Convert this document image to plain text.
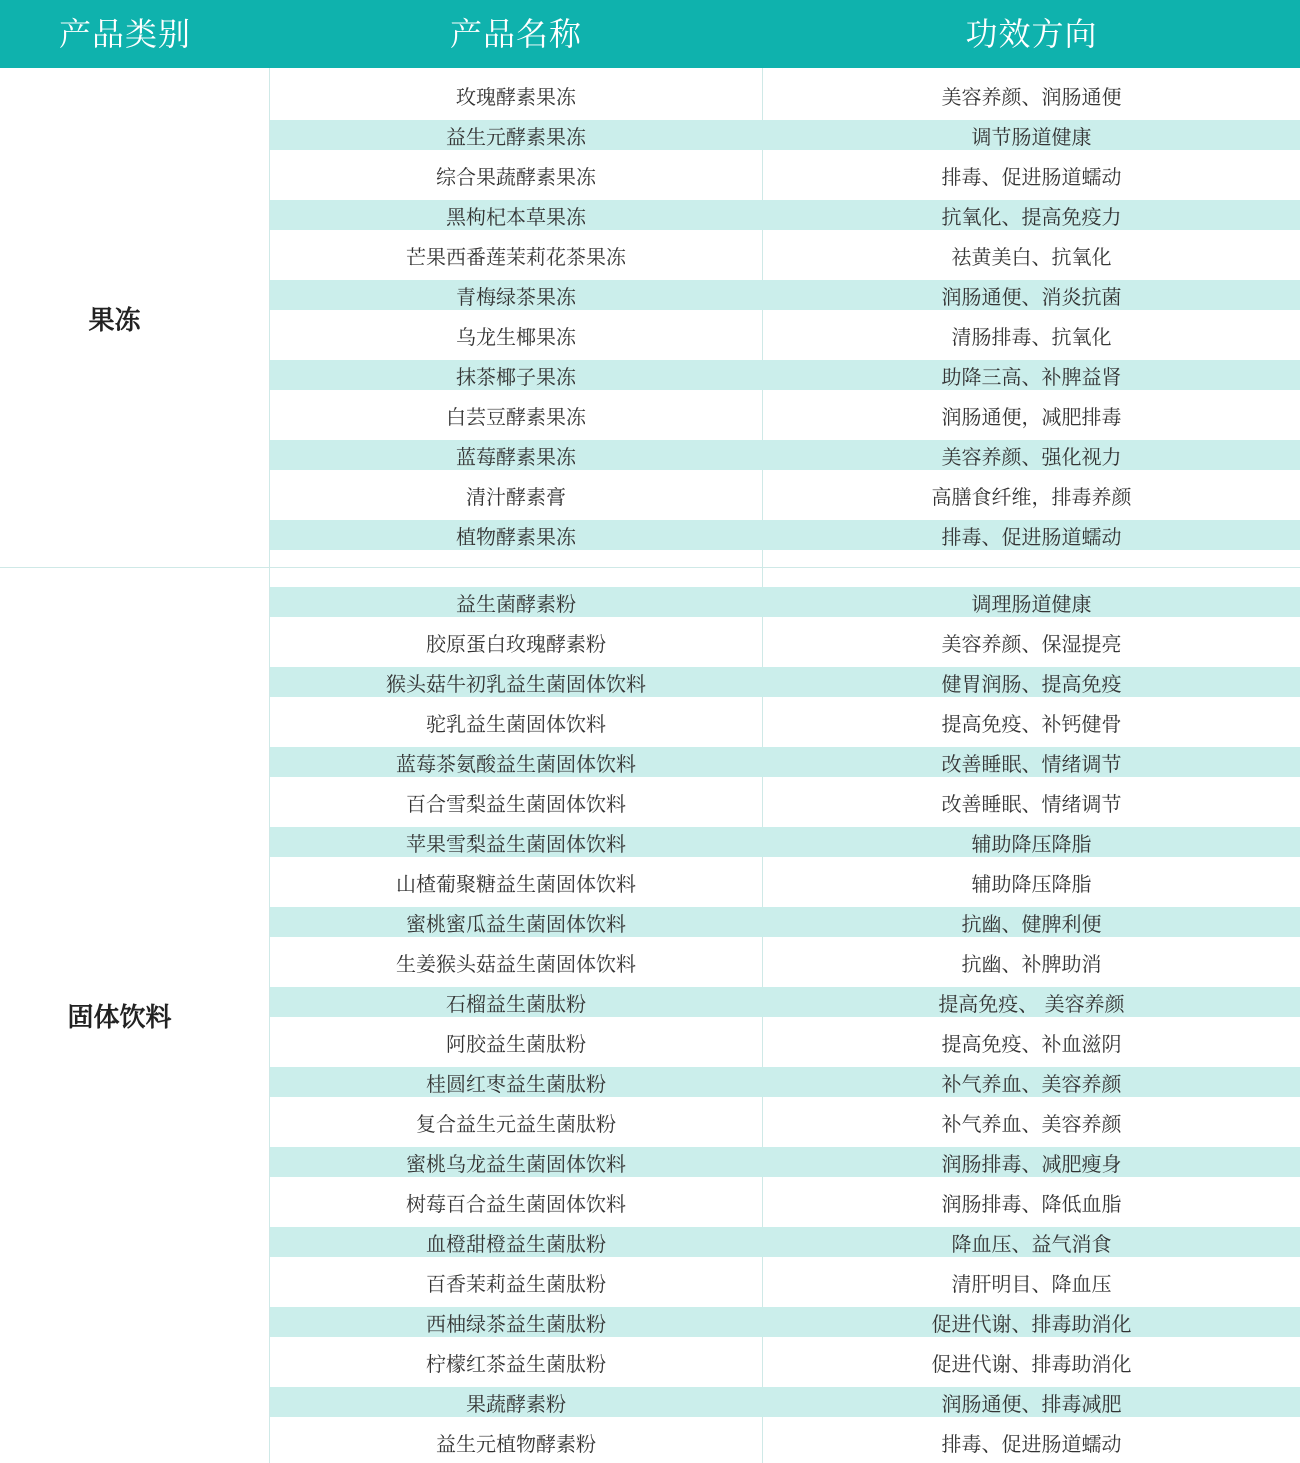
产品类别	产品名称	功效方向
果冻
玫瑰酵素果冻	美容养颜、润肠通便
益生元酵素果冻	调节肠道健康
综合果蔬酵素果冻	排毒、促进肠道蠕动
黑枸杞本草果冻	抗氧化、提高免疫力
芒果西番莲茉莉花茶果冻	祛黄美白、抗氧化
青梅绿茶果冻	润肠通便、消炎抗菌
乌龙生椰果冻	清肠排毒、抗氧化
抹茶椰子果冻	助降三高、补脾益肾
白芸豆酵素果冻	润肠通便，减肥排毒
蓝莓酵素果冻	美容养颜、强化视力
清汁酵素膏	高膳食纤维，排毒养颜
植物酵素果冻	排毒、促进肠道蠕动
固体饮料
益生菌酵素粉	调理肠道健康
胶原蛋白玫瑰酵素粉	美容养颜、保湿提亮
猴头菇牛初乳益生菌固体饮料	健胃润肠、提高免疫
驼乳益生菌固体饮料	提高免疫、补钙健骨
蓝莓茶氨酸益生菌固体饮料	改善睡眠、情绪调节
百合雪梨益生菌固体饮料	改善睡眠、情绪调节
苹果雪梨益生菌固体饮料	辅助降压降脂
山楂葡聚糖益生菌固体饮料	辅助降压降脂
蜜桃蜜瓜益生菌固体饮料	抗幽、健脾利便
生姜猴头菇益生菌固体饮料	抗幽、补脾助消
石榴益生菌肽粉	提高免疫、 美容养颜
阿胶益生菌肽粉	提高免疫、补血滋阴
桂圆红枣益生菌肽粉	补气养血、美容养颜
复合益生元益生菌肽粉	补气养血、美容养颜
蜜桃乌龙益生菌固体饮料	润肠排毒、减肥瘦身
树莓百合益生菌固体饮料	润肠排毒、降低血脂
血橙甜橙益生菌肽粉	降血压、益气消食
百香茉莉益生菌肽粉	清肝明目、降血压
西柚绿茶益生菌肽粉	促进代谢、排毒助消化
柠檬红茶益生菌肽粉	促进代谢、排毒助消化
果蔬酵素粉	润肠通便、排毒减肥
益生元植物酵素粉	排毒、促进肠道蠕动
